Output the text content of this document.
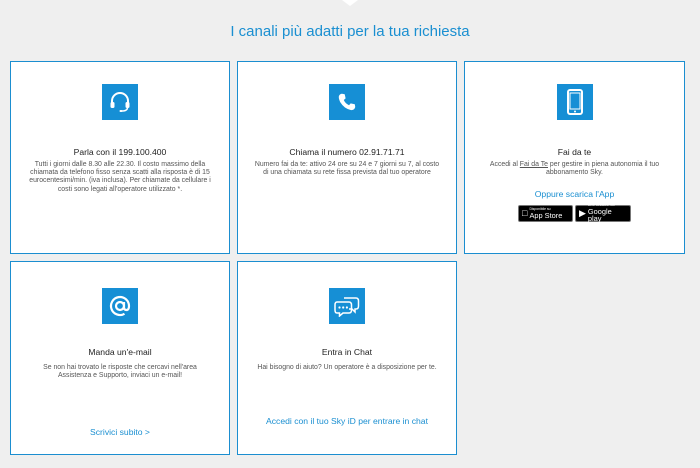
I canali più adatti per la tua richiesta
Parla con il 199.100.400
Tutti i giorni dalle 8.30 alle 22.30. Il costo massimo della chiamata da telefono fisso senza scatti alla risposta è di 15 eurocentesimi/min. (iva inclusa). Per chiamate da cellulare i costi sono legati all'operatore utilizzato *.
Chiama il numero 02.91.71.71
Numero fai da te: attivo 24 ore su 24 e 7 giorni su 7, al costo di una chiamata su rete fissa prevista dal tuo operatore
Fai da te
Accedi al Fai da Te per gestire in piena autonomia il tuo abbonamento Sky.
Oppure scarica l'App
□ Disponibile su
App Store ▶
DISPONIBILE SU
Google play
Manda un'e-mail
Se non hai trovato le risposte che cercavi nell'area Assistenza e Supporto, inviaci un e-mail!
Scrivici subito >
Entra in Chat
Hai bisogno di aiuto? Un operatore è a disposizione per te.
Accedi con il tuo Sky iD per entrare in chat
